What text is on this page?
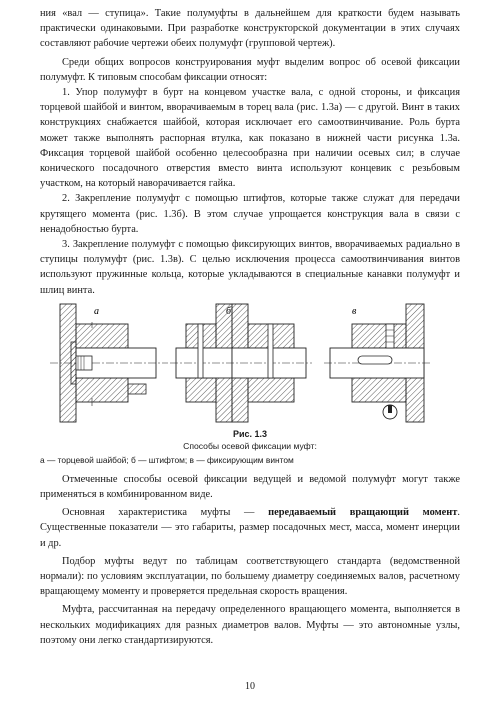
ния «вал — ступица». Такие полумуфты в дальнейшем для краткости будем называть практически одинаковыми. При разработке конструкторской документации в этих случаях составляют рабочие чертежи обеих полумуфт (групповой чертеж).

Среди общих вопросов конструирования муфт выделим вопрос об осевой фиксации полумуфт. К типовым способам фиксации относят:

1. Упор полумуфт в бурт на концевом участке вала, с одной стороны, и фиксация торцевой шайбой и винтом, вворачиваемым в торец вала (рис. 1.3а) — с другой. Винт в таких конструкциях снабжается шайбой, которая исключает его самоотвинчивание. Роль бурта может также выполнять распорная втулка, как показано в нижней части рисунка 1.3а. Фиксация торцевой шайбой особенно целесообразна при наличии осевых сил; в случае конического посадочного отверстия вместо винта используют концевик с резьбовым участком, на который наворачивается гайка.

2. Закрепление полумуфт с помощью штифтов, которые также служат для передачи крутящего момента (рис. 1.3б). В этом случае упрощается конструкция вала в связи с ненадобностью бурта.

3. Закрепление полумуфт с помощью фиксирующих винтов, вворачиваемых радиально в ступицы полумуфт (рис. 1.3в). С целью исключения процесса самоотвинчивания винтов используют пружинные кольца, которые укладываются в специальные канавки полумуфт и шлиц винта.

а	в

Рис. 1.3
Способы осевой фиксации муфт:

а — торцевой шайбой; б — штифтом; в — фиксирующим винтом

Отмеченные способы осевой фиксации ведущей и ведомой полумуфт могут также применяться в комбинированном виде.

Основная характеристика муфты — передаваемый вращающий момент. Существенные показатели — это габариты, размер посадочных мест, масса, момент инерции и др.

Подбор муфты ведут по таблицам соответствующего стандарта (ведомственной нормали): по условиям эксплуатации, по большему диаметру соединяемых валов, расчетному вращающему моменту и проверяется предельная скорость вращения.

Муфта, рассчитанная на передачу определенного вращающего момента, выполняется в нескольких модификациях для разных диаметров валов. Муфты — это автономные узлы, поэтому они легко стандартизируются.

10
